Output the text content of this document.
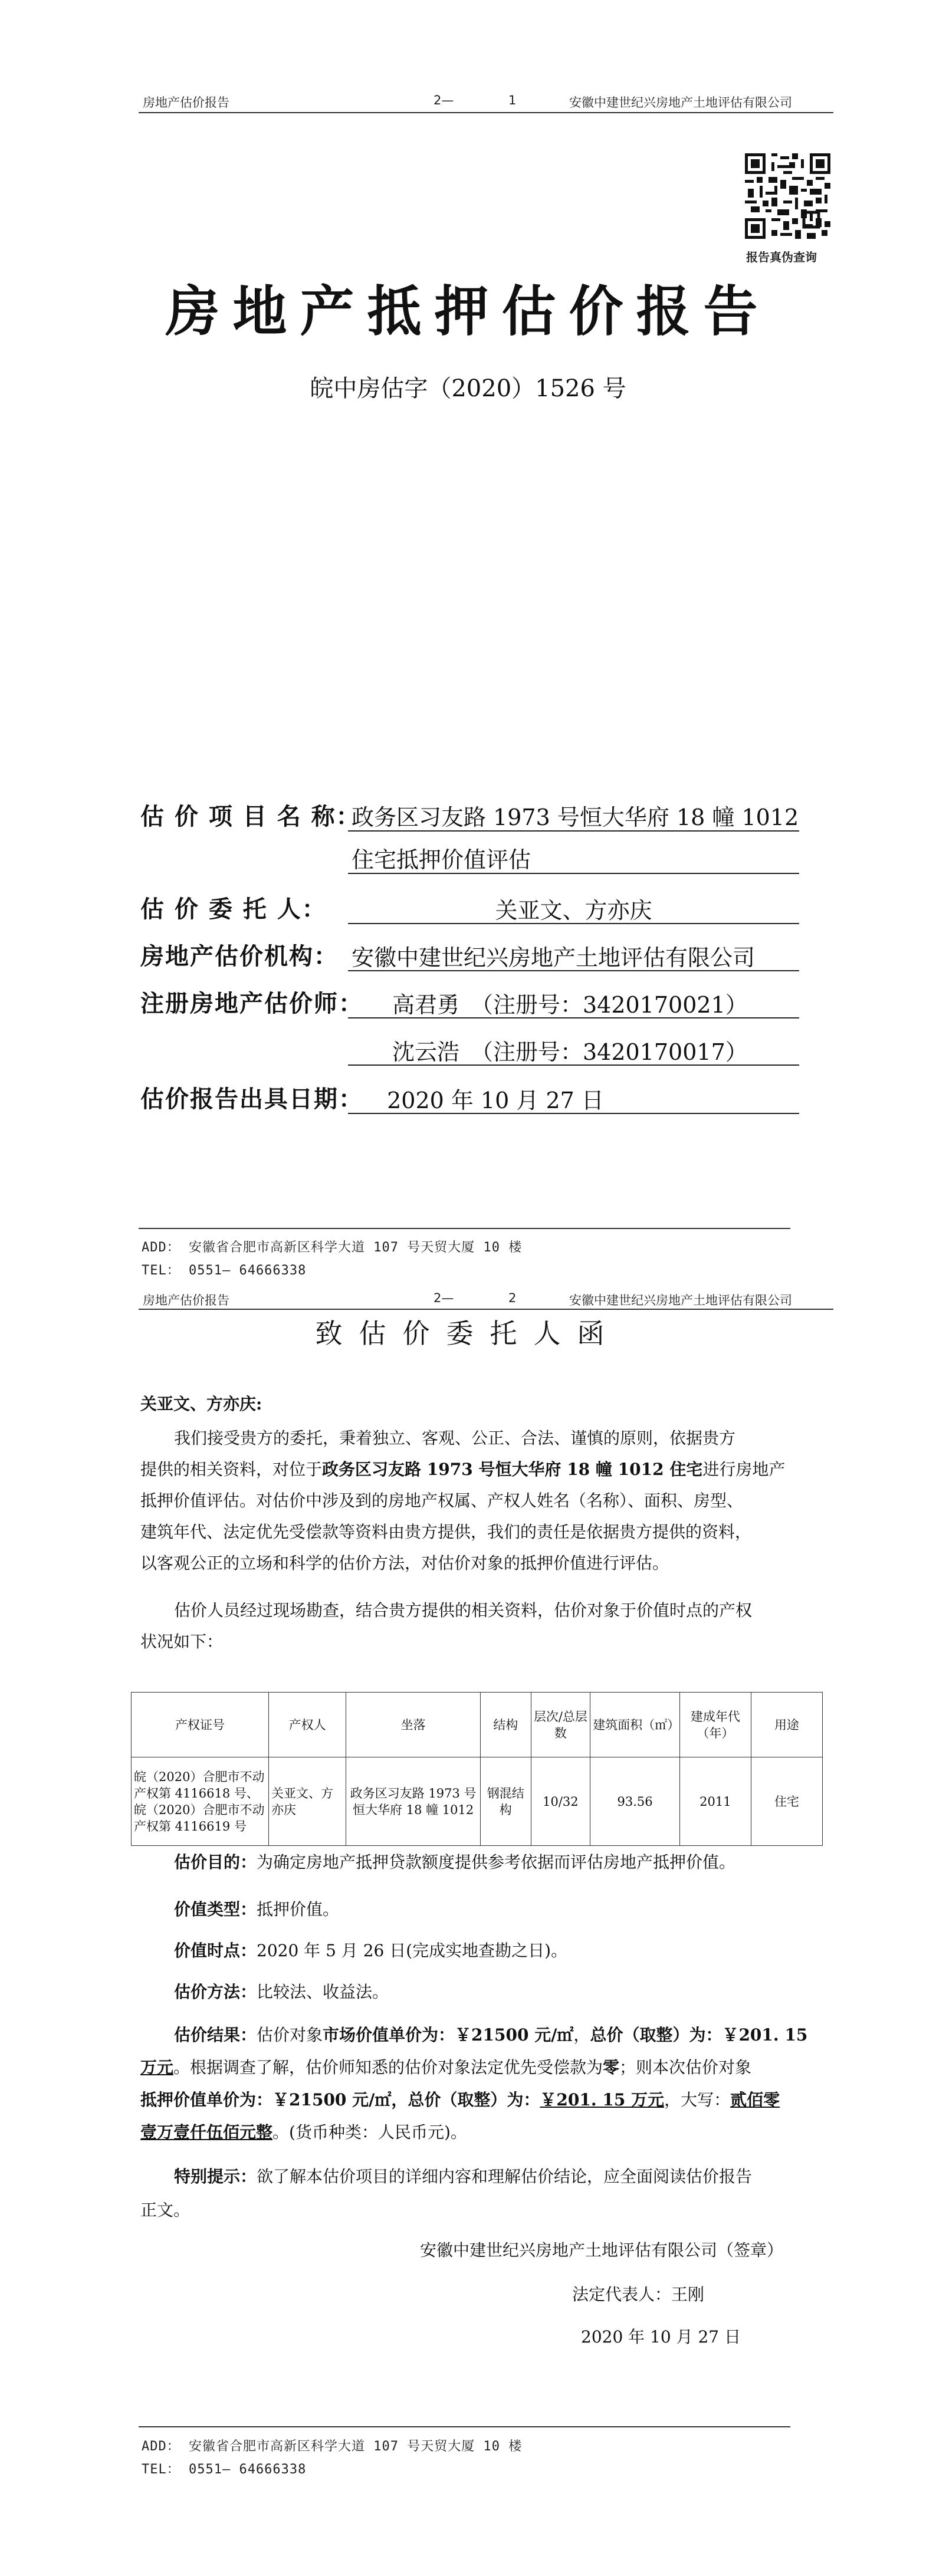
房地产估价报告	2—	1	安徽中建世纪兴房地产土地评估有限公司
报告真伪查询
房地产抵押估价报告
皖中房估字（2020）1526 号
估 价 项 目 名 称：
政务区习友路 1973 号恒大华府 18 幢 1012
住宅抵押价值评估
估 价 委 托 人：	关亚文、方亦庆
房地产估价机构： 安徽中建世纪兴房地产土地评估有限公司
注册房地产估价师： 高君勇　（注册号：3420170021）
沈云浩　（注册号：3420170017）
估价报告出具日期：	2020 年 10 月 27 日
ADD： 安徽省合肥市高新区科学大道 107 号天贸大厦 10 楼
TEL： 0551— 64666338
房地产估价报告	2—	2	安徽中建世纪兴房地产土地评估有限公司
致估价委托人函
关亚文、方亦庆:
我们接受贵方的委托，秉着独立、客观、公正、合法、谨慎的原则，依据贵方
提供的相关资料，对位于政务区习友路 1973 号恒大华府 18 幢 1012 住宅进行房地产
抵押价值评估。对估价中涉及到的房地产权属、产权人姓名（名称）、面积、房型、
建筑年代、法定优先受偿款等资料由贵方提供，我们的责任是依据贵方提供的资料，
以客观公正的立场和科学的估价方法，对估价对象的抵押价值进行评估。
估价人员经过现场勘查，结合贵方提供的相关资料，估价对象于价值时点的产权
状况如下：
产权证号	产权人	坐落	结构	层次/总层数	建筑面积（㎡）	建成年代（年）	用途
皖（2020）合肥市不动产权第 4116618 号、皖（2020）合肥市不动产权第 4116619 号	关亚文、方亦庆	政务区习友路 1973 号恒大华府 18 幢 1012	钢混结构	10/32	93.56	2011	住宅
估价目的：为确定房地产抵押贷款额度提供参考依据而评估房地产抵押价值。
价值类型：抵押价值。
价值时点：2020 年 5 月 26 日(完成实地查勘之日)。
估价方法：比较法、收益法。
估价结果：估价对象市场价值单价为：￥21500 元/㎡，总价（取整）为：￥201. 15
万元。根据调查了解，估价师知悉的估价对象法定优先受偿款为零；则本次估价对象
抵押价值单价为：￥21500 元/㎡，总价（取整）为：￥201. 15 万元，大写：贰佰零
壹万壹仟伍佰元整。(货币种类：人民币元)。
特别提示：欲了解本估价项目的详细内容和理解估价结论，应全面阅读估价报告
正文。
安徽中建世纪兴房地产土地评估有限公司（签章）
法定代表人：王刚
2020 年 10 月 27 日
ADD： 安徽省合肥市高新区科学大道 107 号天贸大厦 10 楼
TEL： 0551— 64666338
